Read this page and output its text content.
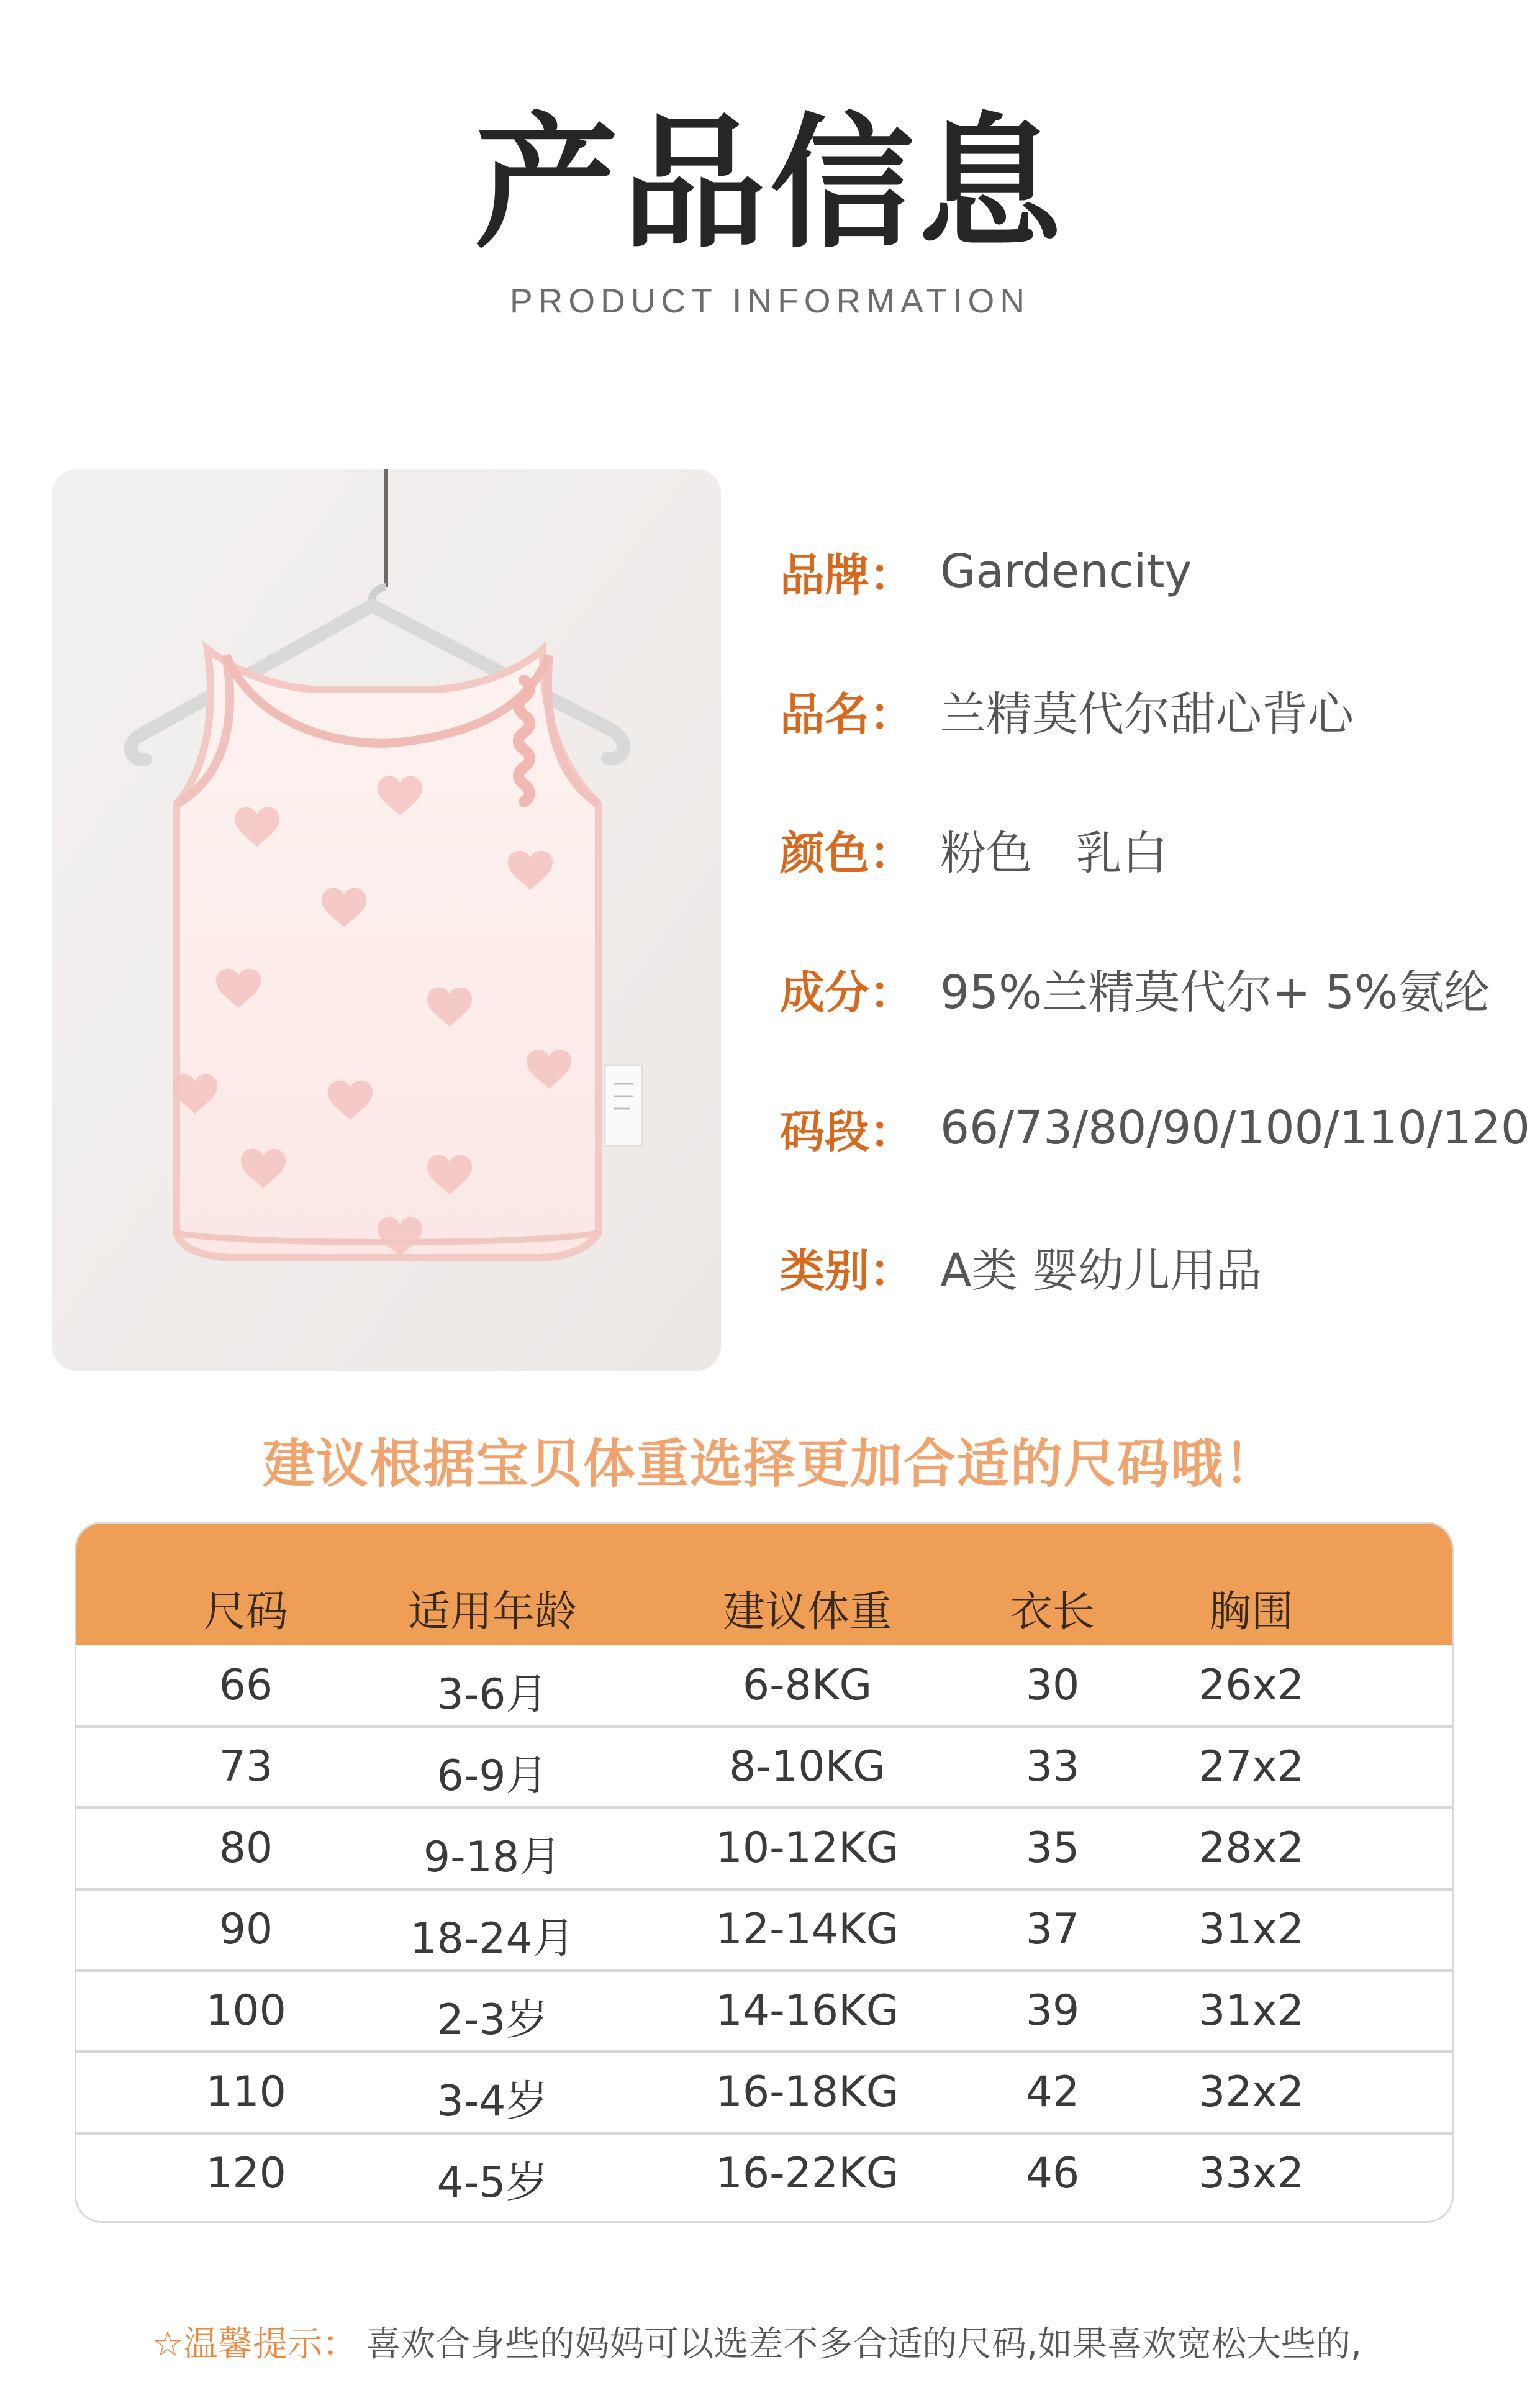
产品信息
PRODUCT INFORMATION
品牌： Gardencity
品名： 兰精莫代尔甜心背心
颜色： 粉色   乳白
成分： 95%兰精莫代尔+ 5%氨纶
码段： 66/73/80/90/100/110/120
类别： A类 婴幼儿用品
建议根据宝贝体重选择更加合适的尺码哦！
尺码	适用年龄	建议体重	衣长	胸围
66	3-6月	6-8KG	30	26x2
73	6-9月	8-10KG	33	27x2
80	9-18月	10-12KG	35	28x2
90	18-24月	12-14KG	37	31x2
100	2-3岁	14-16KG	39	31x2
110	3-4岁	16-18KG	42	32x2
120	4-5岁	16-22KG	46	33x2
☆温馨提示： 喜欢合身些的妈妈可以选差不多合适的尺码,如果喜欢宽松大些的,
